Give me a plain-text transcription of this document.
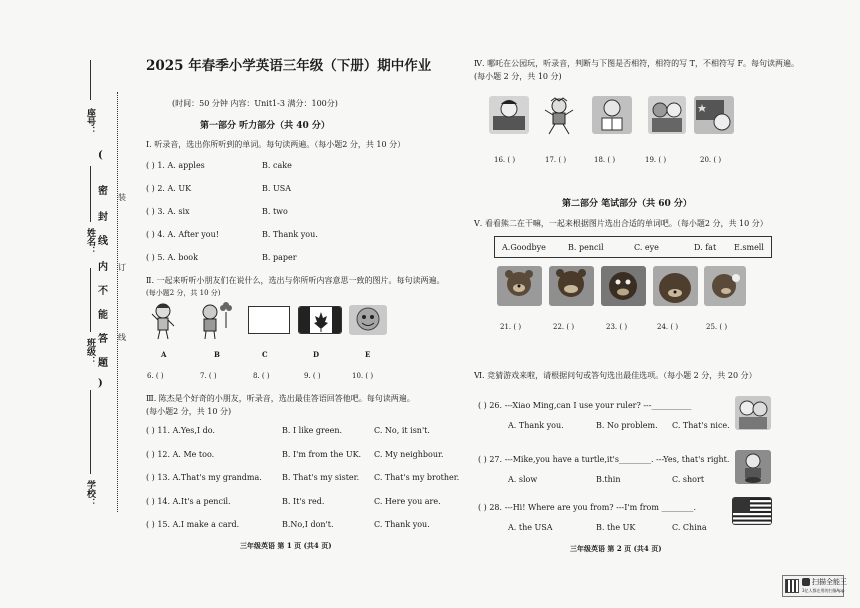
座号：
姓名：
班级：
学校：
(
密
封
线
内
不
能
答
题
)
装
订
线
2025 年春季小学英语三年级（下册）期中作业
(时间：50 分钟 内容：Unit1-3 满分：100分)
第一部分 听力部分（共 40 分）
Ⅰ. 听录音，选出你所听到的单词。每句读两遍。（每小题2 分，共 10 分）
( ) 1. A. apples	B. cake
( ) 2. A. UK	B. USA
( ) 3. A. six	B. two
( ) 4. A. After you!	B. Thank you.
( ) 5. A. book	B. paper
Ⅱ. 一起来听听小朋友们在说什么，选出与你所听内容意思一致的图片。每句读两遍。
(每小题2 分，共 10 分)
A	B	C	D	E
6. ( )	7. ( )	8. ( )	9. ( )	10. ( )
Ⅲ. 陈杰是个好奇的小朋友，听录音，选出最佳答语回答他吧。每句读两遍。
(每小题2 分，共 10 分)
( ) 11. A.Yes,I do.	B. I like green.	C. No, it isn't.
( ) 12. A. Me too.	B. I'm from the UK. C. My neighbour.
( ) 13. A.That's my grandma.	B. That's my sister. C. That's my brother.
( ) 14. A.It's a pencil.	B. It's red.	C. Here you are.
( ) 15. A.I make a card.	B.No,I don't.	C. Thank you.
三年级英语 第 1 页 (共4 页)
Ⅳ. 哪吒在公园玩，听录音，判断与下图是否相符，相符的写 T，不相符写 F。每句读两遍。
(每小题 2 分，共 10 分)
16. ( )	17. ( )	18. ( )	19. ( )	20. ( )
第二部分 笔试部分（共 60 分）
Ⅴ. 看看熊二在干嘛，一起来根据图片选出合适的单词吧。（每小题2 分，共 10 分）
A.Goodbye	B. pencil	C. eye	D. fat E.smell
21. ( )	22. ( )	23. ( )	24. ( )	25. ( )
Ⅵ. 竞猜游戏来啦，请根据问句或答句选出最佳选项。（每小题 2 分，共 20 分）
( ) 26. ---Xiao Ming,can I use your ruler? ---__________
A. Thank you.	B. No problem. C. That's nice.
( ) 27. ---Mike,you have a turtle,it's________. ---Yes, that's right.
A. slow	B.thin	C. short
( ) 28. ---Hi! Where are you from? ---I'm from ________.
A. the USA	B. the UK	C. China
三年级英语 第 2 页 (共4 页)
扫描全能王
3亿人都在用的扫描App
